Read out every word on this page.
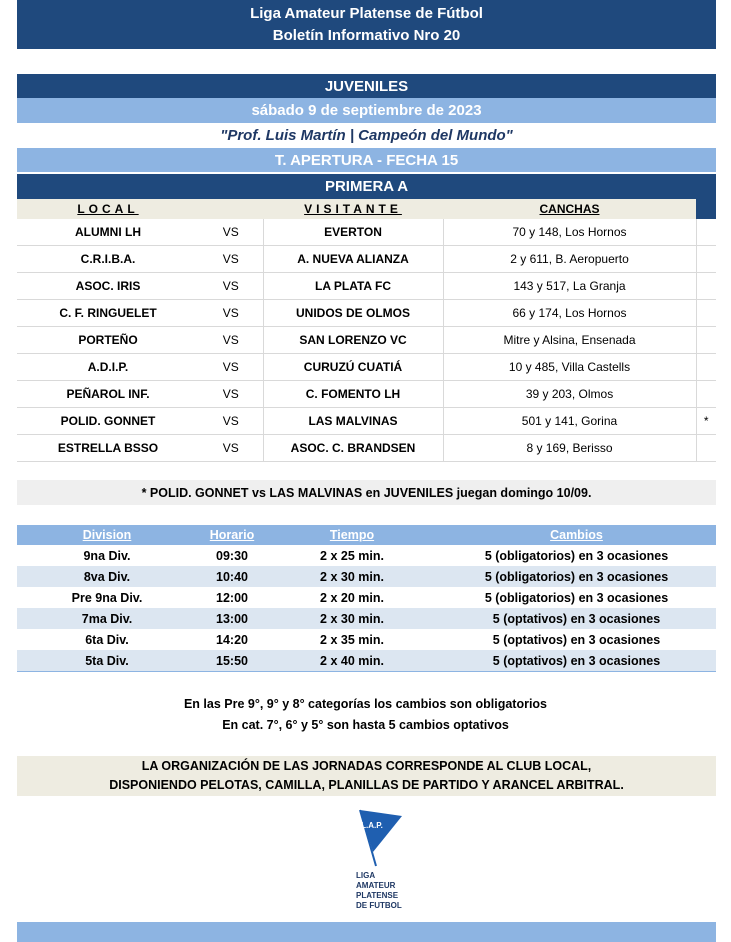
Liga Amateur Platense de Fútbol
Boletín Informativo Nro 20
JUVENILES
sábado 9 de septiembre de 2023
"Prof. Luis Martín | Campeón del Mundo"
T. APERTURA - FECHA 15
PRIMERA A
LOCAL		VISITANTE	CANCHAS	
ALUMNI LH	VS	EVERTON	70 y 148, Los Hornos	
C.R.I.B.A.	VS	A. NUEVA ALIANZA	2 y 611, B. Aeropuerto	
ASOC. IRIS	VS	LA PLATA FC	143 y 517, La Granja	
C. F. RINGUELET	VS	UNIDOS DE OLMOS	66 y 174, Los Hornos	
PORTEÑO	VS	SAN LORENZO VC	Mitre y Alsina, Ensenada	
A.D.I.P.	VS	CURUZÚ CUATIÁ	10 y 485, Villa Castells	
PEÑAROL INF.	VS	C. FOMENTO LH	39 y 203, Olmos	
POLID. GONNET	VS	LAS MALVINAS	501 y 141, Gorina	*
ESTRELLA BSSO	VS	ASOC. C. BRANDSEN	8 y 169, Berisso	
* POLID. GONNET vs LAS MALVINAS en JUVENILES juegan domingo 10/09.
Division	Horario	Tiempo	Cambios
9na Div.	09:30	2 x 25 min.	5 (obligatorios) en 3 ocasiones
8va Div.	10:40	2 x 30 min.	5 (obligatorios) en 3 ocasiones
Pre 9na Div.	12:00	2 x 20 min.	5 (obligatorios) en 3 ocasiones
7ma Div.	13:00	2 x 30 min.	5 (optativos) en 3 ocasiones
6ta Div.	14:20	2 x 35 min.	5 (optativos) en 3 ocasiones
5ta Div.	15:50	2 x 40 min.	5 (optativos) en 3 ocasiones
En las Pre 9°, 9° y 8° categorías los cambios son obligatorios
En cat. 7°, 6° y 5° son hasta 5 cambios optativos
LA ORGANIZACIÓN DE LAS JORNADAS CORRESPONDE AL CLUB LOCAL,
DISPONIENDO PELOTAS, CAMILLA, PLANILLAS DE PARTIDO Y ARANCEL ARBITRAL.
L.A.P.
LIGA
AMATEUR
PLATENSE
DE FUTBOL
